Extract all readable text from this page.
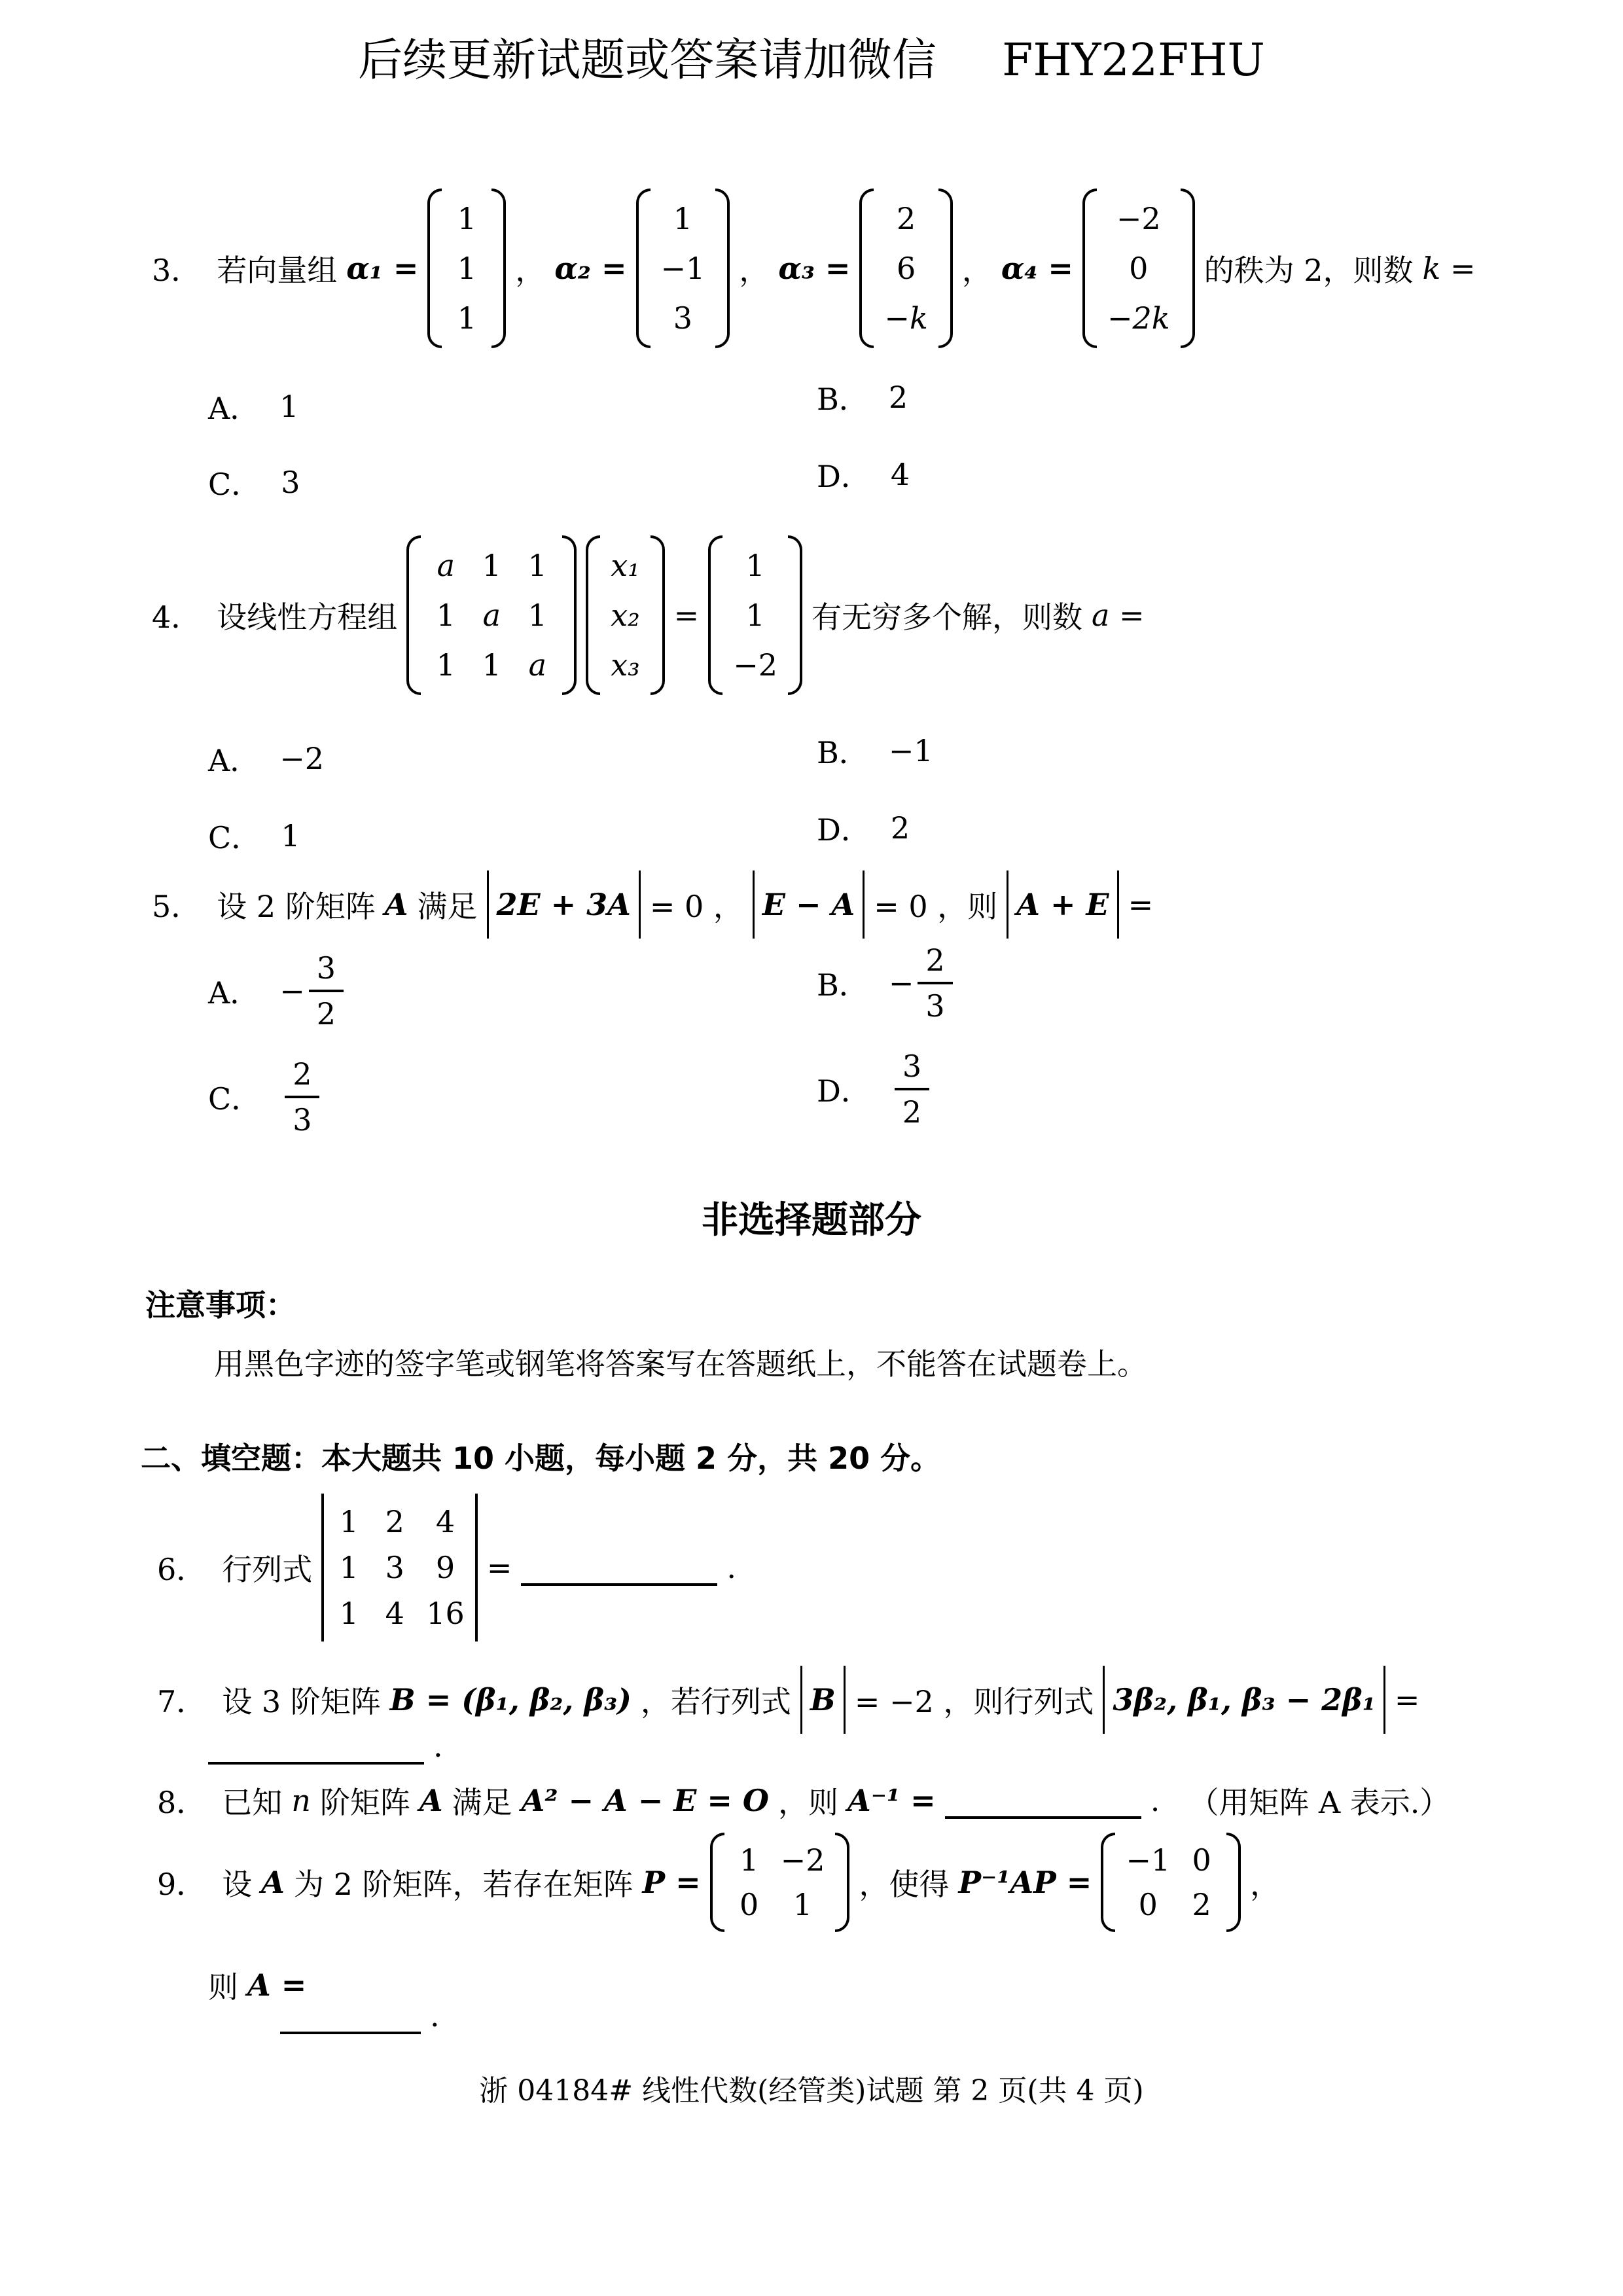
后续更新试题或答案请加微信 FHY22FHU
3． 若向量组 α₁ =
1
1
1
， α₂ =
1
−1
3
， α₃ =
2
6
−k
， α₄ =
−2
0
−2k
的秩为 2，则数 k =
A． 1	B． 2
C． 3	D． 4
4． 设线性方程组
a 1 1
1 a 1
1 1 a
x₁
x₂
x₃
=
1
1
−2
有无穷多个解，则数 a =
A． −2	B． −1
C． 1	D． 2
5． 设 2 阶矩阵 A 满足 2E + 3A = 0 ， E − A = 0 ，则 A + E =
A． − $\frac{3}{2}$	B． − $\frac{2}{3}$
C． $\frac{2}{3}$	D． $\frac{3}{2}$
非选择题部分
注意事项：
用黑色字迹的签字笔或钢笔将答案写在答题纸上，不能答在试题卷上。
二、填空题：本大题共 10 小题，每小题 2 分，共 20 分。
6． 行列式
1 2 4
1 3 9
1 4 16
=	.
7． 设 3 阶矩阵 B = (β₁, β₂, β₃) ，若行列式 B = −2 ，则行列式 3β₂, β₁, β₃ − 2β₁ =
.
8． 已知 n 阶矩阵 A 满足 A² − A − E = O ，则 A⁻¹ =	. （用矩阵 A 表示.）
9． 设 A 为 2 阶矩阵，若存在矩阵 P =
1 −2
0 1
，使得 P⁻¹AP =
−1 0
0 2
，
则 A =
.
浙 04184# 线性代数(经管类)试题 第 2 页(共 4 页)
